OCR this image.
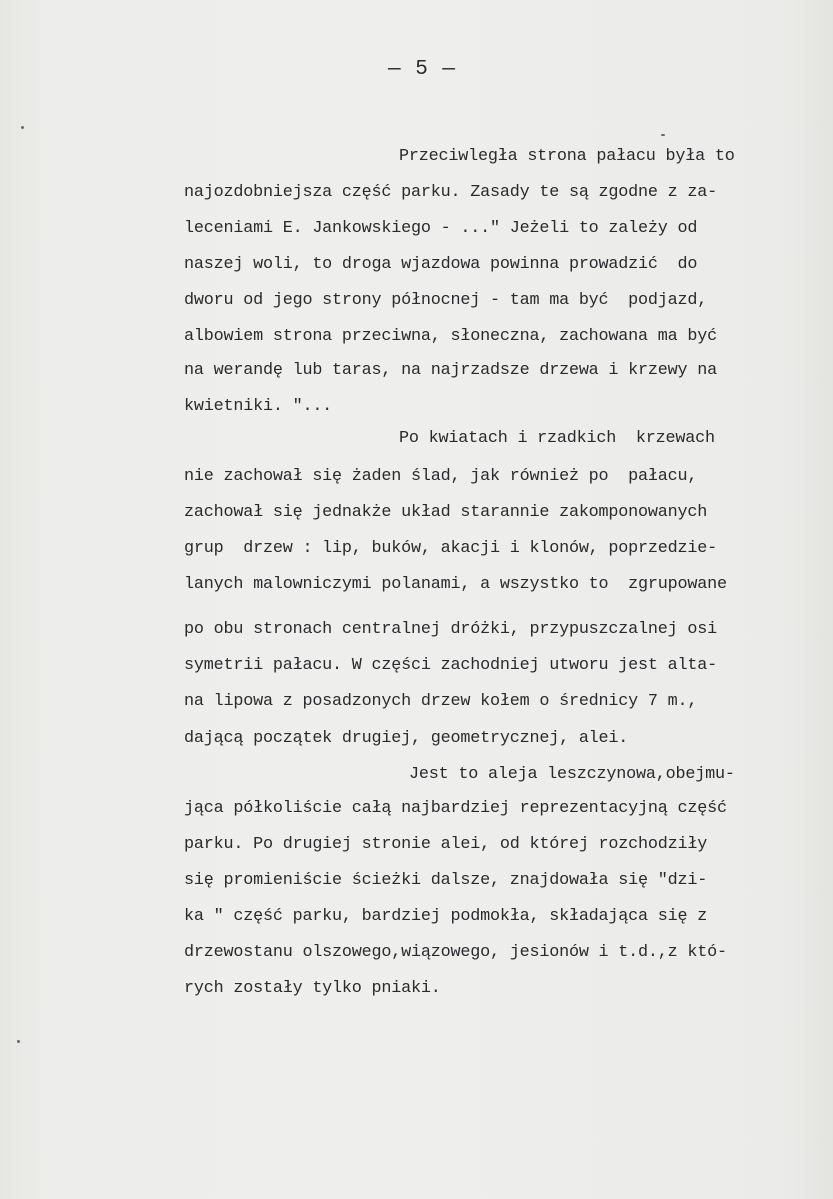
— 5 —
Przeciwległa strona pałacu była to
najozdobniejsza część parku. Zasady te są zgodne z za-
leceniami E. Jankowskiego - ..." Jeżeli to zależy od
naszej woli, to droga wjazdowa powinna prowadzić  do
dworu od jego strony północnej - tam ma być  podjazd,
albowiem strona przeciwna, słoneczna, zachowana ma być
na werandę lub taras, na najrzadsze drzewa i krzewy na
kwietniki. "...
Po kwiatach i rzadkich  krzewach
nie zachował się żaden ślad, jak również po  pałacu,
zachował się jednakże układ starannie zakomponowanych
grup  drzew : lip, buków, akacji i klonów, poprzedzie-
lanych malowniczymi polanami, a wszystko to  zgrupowane
po obu stronach centralnej dróżki, przypuszczalnej osi
symetrii pałacu. W części zachodniej utworu jest alta-
na lipowa z posadzonych drzew kołem o średnicy 7 m.,
dającą początek drugiej, geometrycznej, alei.
Jest to aleja leszczynowa,obejmu-
jąca półkoliście całą najbardziej reprezentacyjną część
parku. Po drugiej stronie alei, od której rozchodziły
się promieniście ścieżki dalsze, znajdowała się "dzi-
ka " część parku, bardziej podmokła, składająca się z
drzewostanu olszowego,wiązowego, jesionów i t.d.,z któ-
rych zostały tylko pniaki.
